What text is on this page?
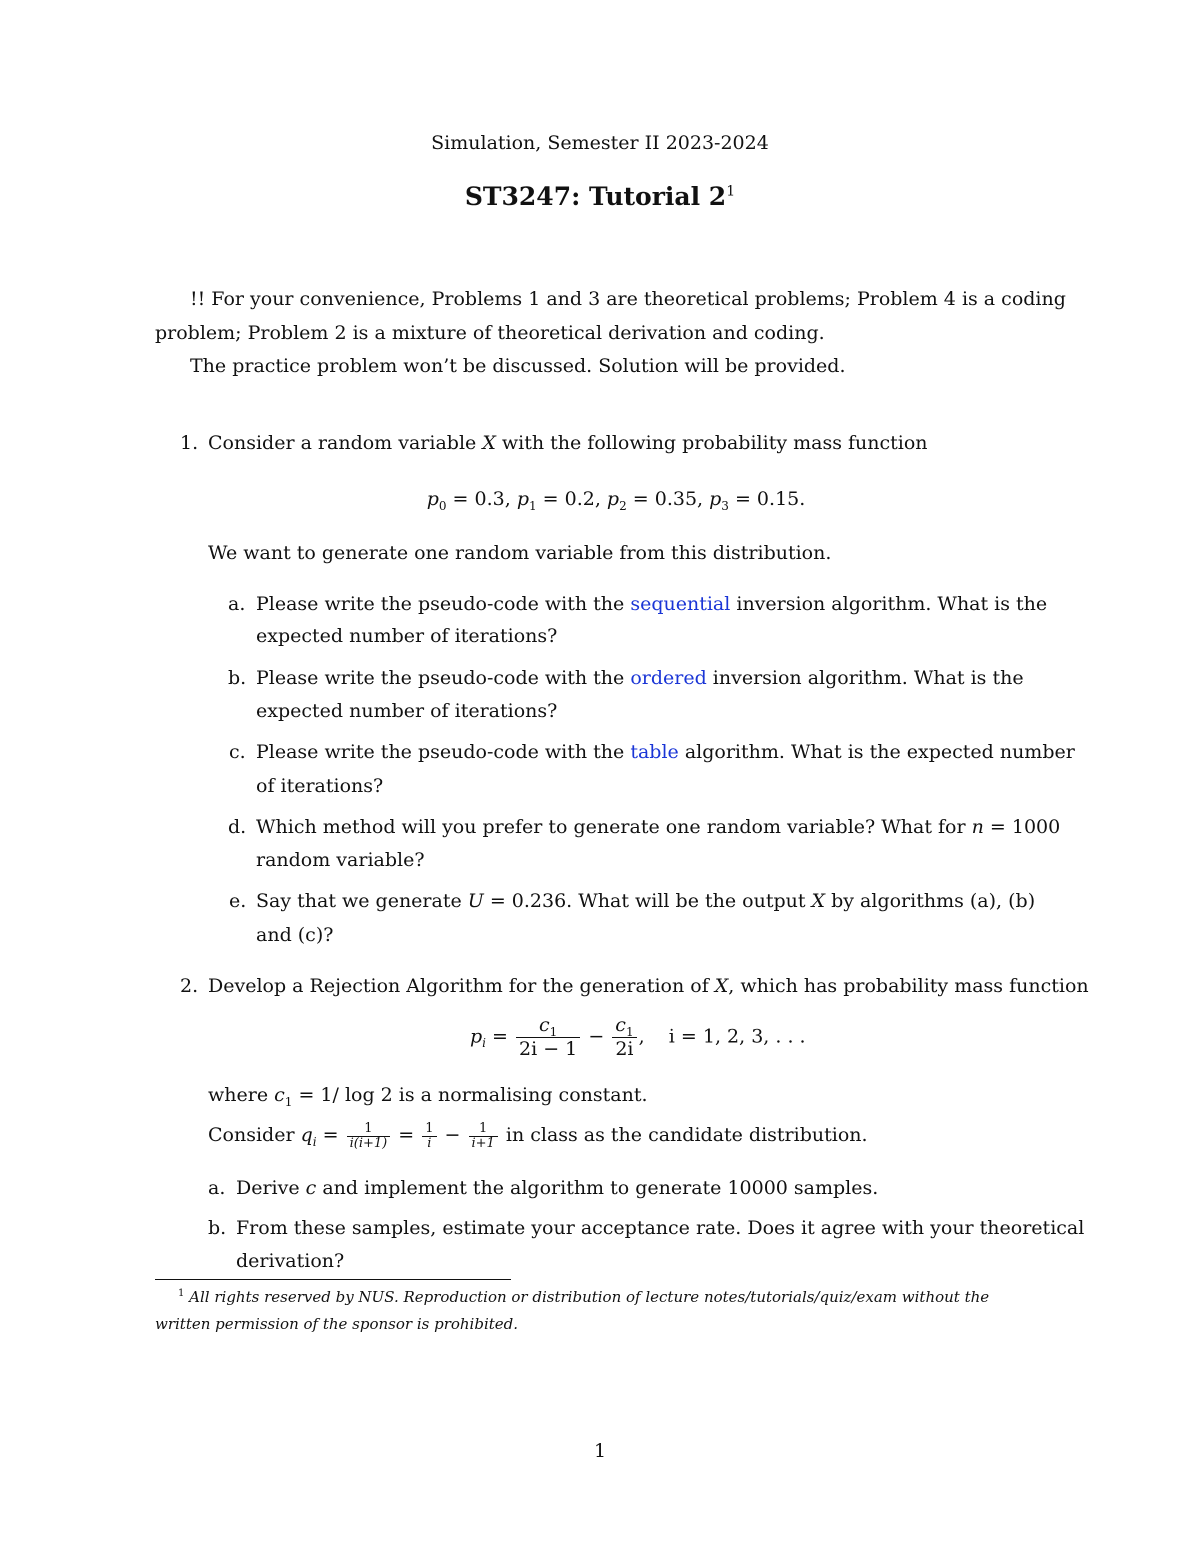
Simulation, Semester II 2023-2024
ST3247: Tutorial $2^1$
!! For your convenience, Problems 1 and 3 are theoretical problems; Problem 4 is a coding
problem; Problem 2 is a mixture of theoretical derivation and coding.
The practice problem won’t be discussed. Solution will be provided.
1. Consider a random variable X with the following probability mass function
$p_0 = 0.3$, $p_1 = 0.2$, $p_2 = 0.35$, $p_3 = 0.15$.
We want to generate one random variable from this distribution.
a. Please write the pseudo-code with the sequential inversion algorithm. What is the
expected number of iterations?
b. Please write the pseudo-code with the ordered inversion algorithm. What is the
expected number of iterations?
c. Please write the pseudo-code with the table algorithm. What is the expected number
of iterations?
d. Which method will you prefer to generate one random variable? What for n = 1000
random variable?
e. Say that we generate U = 0.236. What will be the output X by algorithms (a), (b)
and (c)?
2. Develop a Rejection Algorithm for the generation of X, which has probability mass function
$p_i = \frac{c_1}{2i - 1} - \frac{c_1}{2i}$ ,    i = 1, 2, 3, . . .
where $c_1 = 1/$ log 2 is a normalising constant.
Consider $q_i = \frac{1}{i(i+1)} = \frac{1}{i} - \frac{1}{i+1}$ in class as the candidate distribution.
a. Derive c and implement the algorithm to generate 10000 samples.
b. From these samples, estimate your acceptance rate. Does it agree with your theoretical
derivation?
$^1$ All rights reserved by NUS. Reproduction or distribution of lecture notes/tutorials/quiz/exam without the
written permission of the sponsor is prohibited.
1
